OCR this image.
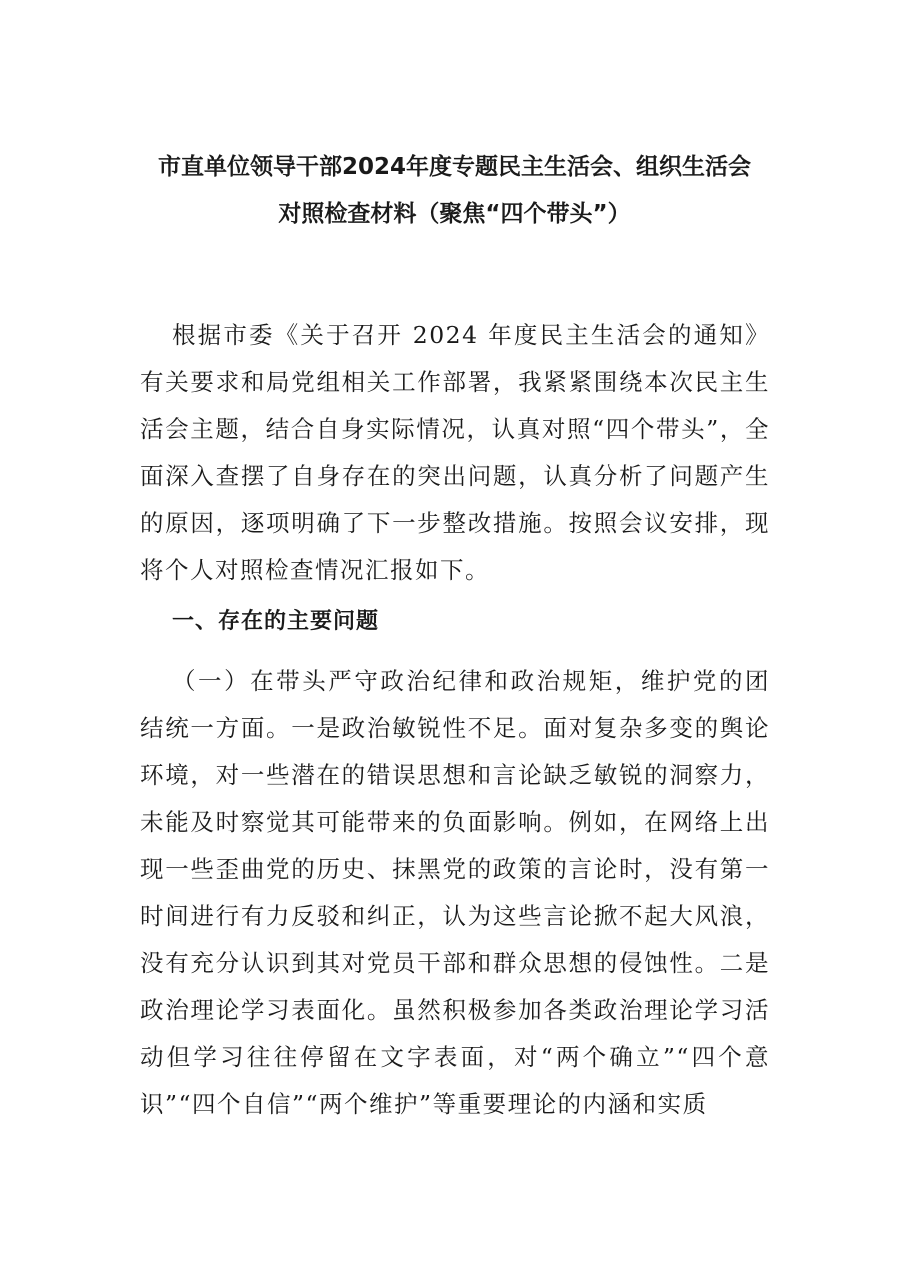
市直单位领导干部2024年度专题民主生活会、组织生活会
对照检查材料（聚焦“四个带头”）
根据市委《关于召开 2024 年度民主生活会的通知》有关要求和局党组相关工作部署，我紧紧围绕本次民主生活会主题，结合自身实际情况，认真对照“四个带头”，全面深入查摆了自身存在的突出问题，认真分析了问题产生的原因，逐项明确了下一步整改措施。按照会议安排，现将个人对照检查情况汇报如下。
一、存在的主要问题
（一）在带头严守政治纪律和政治规矩，维护党的团结统一方面。一是政治敏锐性不足。面对复杂多变的舆论环境，对一些潜在的错误思想和言论缺乏敏锐的洞察力，未能及时察觉其可能带来的负面影响。例如，在网络上出现一些歪曲党的历史、抹黑党的政策的言论时，没有第一时间进行有力反驳和纠正，认为这些言论掀不起大风浪，没有充分认识到其对党员干部和群众思想的侵蚀性。二是政治理论学习表面化。虽然积极参加各类政治理论学习活动但学习往往停留在文字表面，对“两个确立”“四个意识”“四个自信”“两个维护”等重要理论的内涵和实质
